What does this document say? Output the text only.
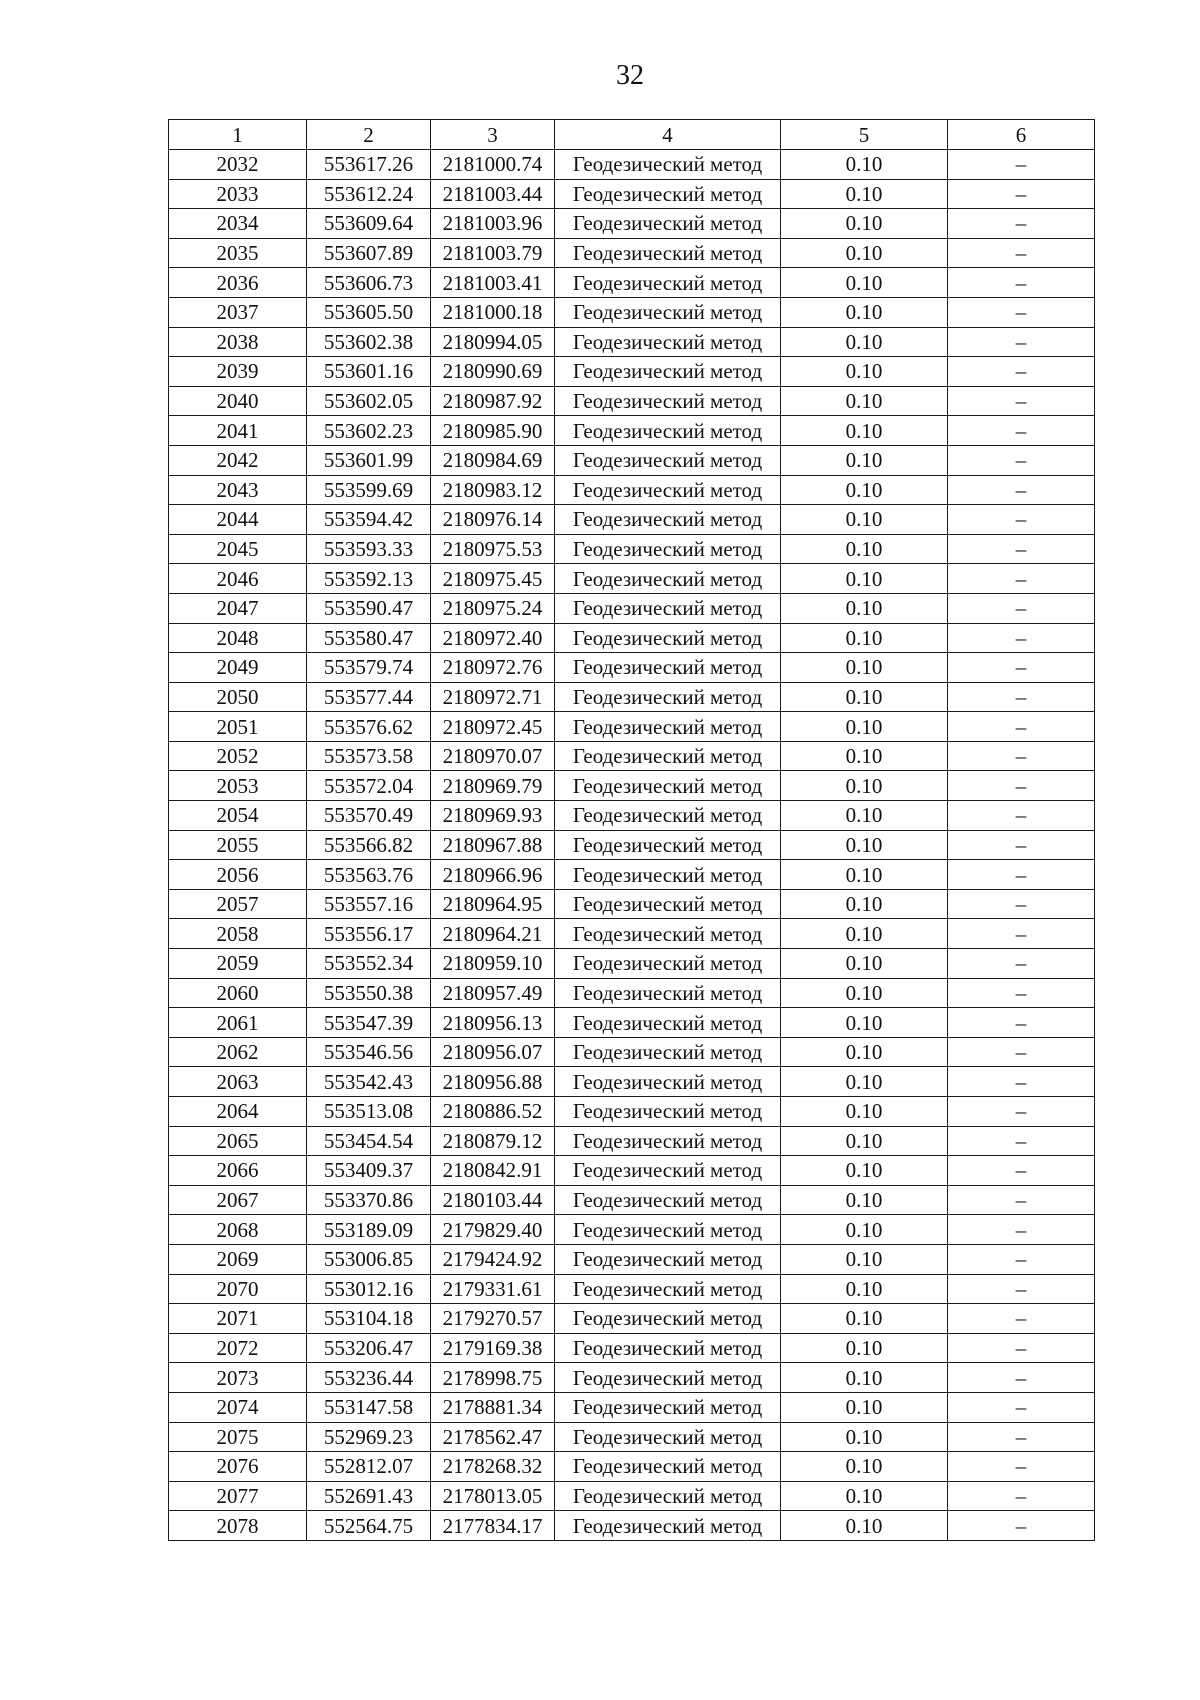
32
1	2	3	4	5	6
2032	553617.26	2181000.74	Геодезический метод	0.10	–
2033	553612.24	2181003.44	Геодезический метод	0.10	–
2034	553609.64	2181003.96	Геодезический метод	0.10	–
2035	553607.89	2181003.79	Геодезический метод	0.10	–
2036	553606.73	2181003.41	Геодезический метод	0.10	–
2037	553605.50	2181000.18	Геодезический метод	0.10	–
2038	553602.38	2180994.05	Геодезический метод	0.10	–
2039	553601.16	2180990.69	Геодезический метод	0.10	–
2040	553602.05	2180987.92	Геодезический метод	0.10	–
2041	553602.23	2180985.90	Геодезический метод	0.10	–
2042	553601.99	2180984.69	Геодезический метод	0.10	–
2043	553599.69	2180983.12	Геодезический метод	0.10	–
2044	553594.42	2180976.14	Геодезический метод	0.10	–
2045	553593.33	2180975.53	Геодезический метод	0.10	–
2046	553592.13	2180975.45	Геодезический метод	0.10	–
2047	553590.47	2180975.24	Геодезический метод	0.10	–
2048	553580.47	2180972.40	Геодезический метод	0.10	–
2049	553579.74	2180972.76	Геодезический метод	0.10	–
2050	553577.44	2180972.71	Геодезический метод	0.10	–
2051	553576.62	2180972.45	Геодезический метод	0.10	–
2052	553573.58	2180970.07	Геодезический метод	0.10	–
2053	553572.04	2180969.79	Геодезический метод	0.10	–
2054	553570.49	2180969.93	Геодезический метод	0.10	–
2055	553566.82	2180967.88	Геодезический метод	0.10	–
2056	553563.76	2180966.96	Геодезический метод	0.10	–
2057	553557.16	2180964.95	Геодезический метод	0.10	–
2058	553556.17	2180964.21	Геодезический метод	0.10	–
2059	553552.34	2180959.10	Геодезический метод	0.10	–
2060	553550.38	2180957.49	Геодезический метод	0.10	–
2061	553547.39	2180956.13	Геодезический метод	0.10	–
2062	553546.56	2180956.07	Геодезический метод	0.10	–
2063	553542.43	2180956.88	Геодезический метод	0.10	–
2064	553513.08	2180886.52	Геодезический метод	0.10	–
2065	553454.54	2180879.12	Геодезический метод	0.10	–
2066	553409.37	2180842.91	Геодезический метод	0.10	–
2067	553370.86	2180103.44	Геодезический метод	0.10	–
2068	553189.09	2179829.40	Геодезический метод	0.10	–
2069	553006.85	2179424.92	Геодезический метод	0.10	–
2070	553012.16	2179331.61	Геодезический метод	0.10	–
2071	553104.18	2179270.57	Геодезический метод	0.10	–
2072	553206.47	2179169.38	Геодезический метод	0.10	–
2073	553236.44	2178998.75	Геодезический метод	0.10	–
2074	553147.58	2178881.34	Геодезический метод	0.10	–
2075	552969.23	2178562.47	Геодезический метод	0.10	–
2076	552812.07	2178268.32	Геодезический метод	0.10	–
2077	552691.43	2178013.05	Геодезический метод	0.10	–
2078	552564.75	2177834.17	Геодезический метод	0.10	–
